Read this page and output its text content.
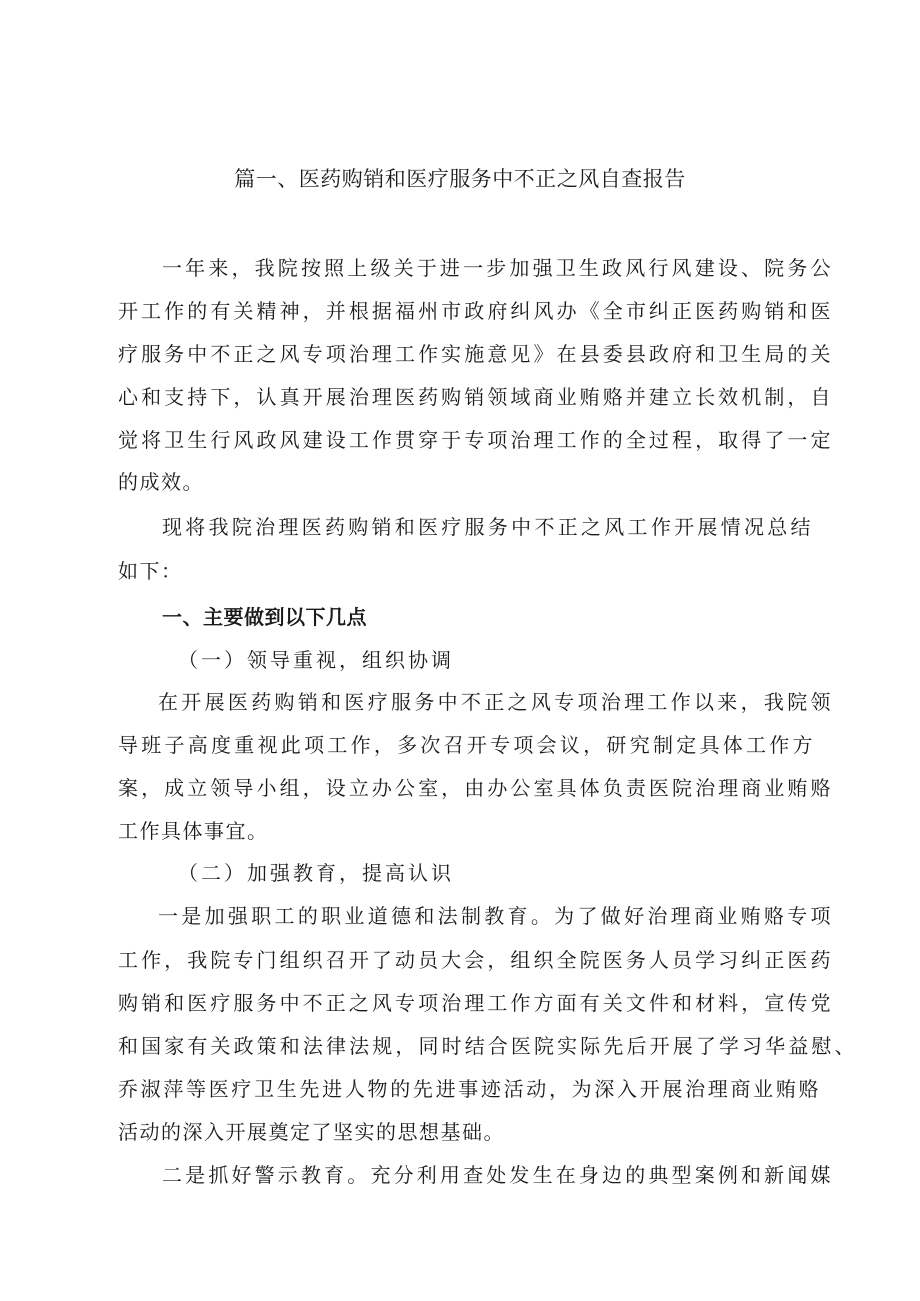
篇一、医药购销和医疗服务中不正之风自查报告
一年来，我院按照上级关于进一步加强卫生政风行风建设、院务公
开工作的有关精神，并根据福州市政府纠风办《全市纠正医药购销和医
疗服务中不正之风专项治理工作实施意见》在县委县政府和卫生局的关
心和支持下，认真开展治理医药购销领域商业贿赂并建立长效机制，自
觉将卫生行风政风建设工作贯穿于专项治理工作的全过程，取得了一定
的成效。
现将我院治理医药购销和医疗服务中不正之风工作开展情况总结
如下：
一、主要做到以下几点
（一）领导重视，组织协调
在开展医药购销和医疗服务中不正之风专项治理工作以来，我院领
导班子高度重视此项工作，多次召开专项会议，研究制定具体工作方
案，成立领导小组，设立办公室，由办公室具体负责医院治理商业贿赂
工作具体事宜。
（二）加强教育，提高认识
一是加强职工的职业道德和法制教育。为了做好治理商业贿赂专项
工作，我院专门组织召开了动员大会，组织全院医务人员学习纠正医药
购销和医疗服务中不正之风专项治理工作方面有关文件和材料，宣传党
和国家有关政策和法律法规，同时结合医院实际先后开展了学习华益慰、
乔淑萍等医疗卫生先进人物的先进事迹活动，为深入开展治理商业贿赂
活动的深入开展奠定了坚实的思想基础。
二是抓好警示教育。充分利用查处发生在身边的典型案例和新闻媒
